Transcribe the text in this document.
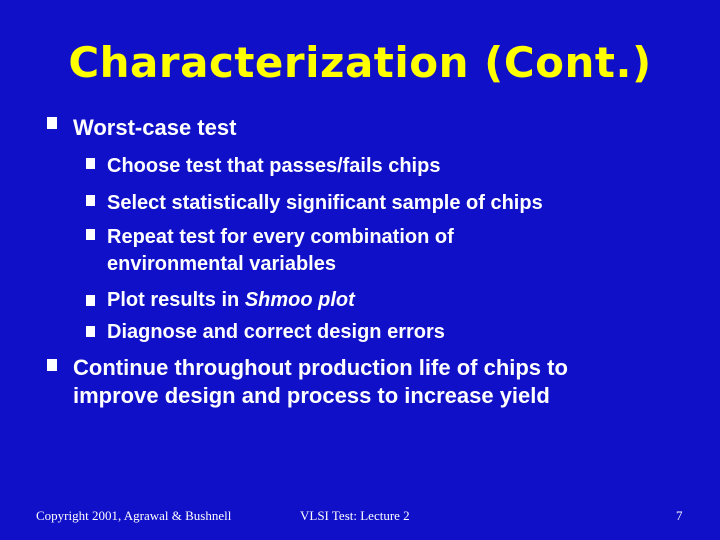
Characterization (Cont.)
Worst-case test
Choose test that passes/fails chips
Select statistically significant sample of chips
Repeat test for every combination of
environmental variables
Plot results in Shmoo plot
Diagnose and correct design errors
Continue throughout production life of chips to
improve design and process to increase yield
Copyright 2001, Agrawal & Bushnell	VLSI Test: Lecture 2	7
